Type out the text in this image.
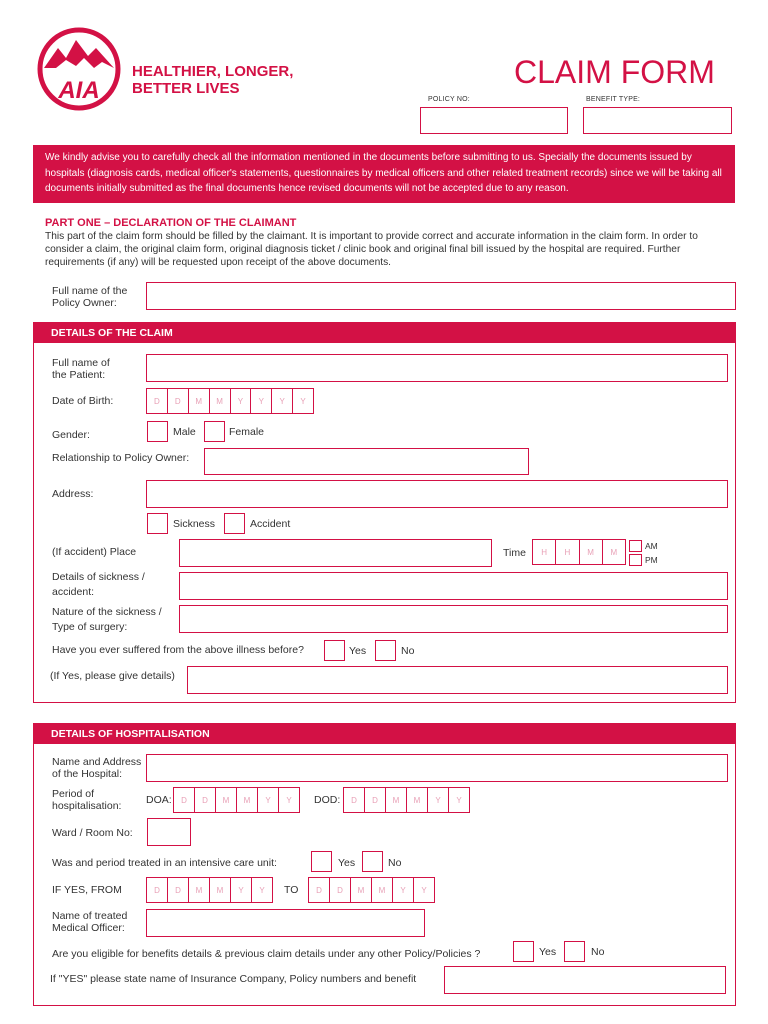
AIA
HEALTHIER, LONGER,
BETTER LIVES	CLAIM FORM
POLICY NO:	BENEFIT TYPE:
We kindly advise you to carefully check all the information mentioned in the documents before submitting to us. Specially the documents issued by hospitals (diagnosis cards, medical officer's statements, questionnaires by medical officers and other related treatment records) since we will be taking all documents initially submitted as the final documents hence revised documents will not be accepted due to any reason.
PART ONE – DECLARATION OF THE CLAIMANT
This part of the claim form should be filled by the claimant. It is important to provide correct and accurate information in the claim form. In order to consider a claim, the original claim form, original diagnosis ticket / clinic book and original final bill issued by the hospital are required. Further requirements (if any) will be requested upon receipt of the above documents.
Full name of the
Policy Owner:
DETAILS OF THE CLAIM
Full name of
the Patient:
Date of Birth:	D	D	M	M	Y	Y	Y	Y
Gender:	Male	Female
Relationship to Policy Owner:
Address:
Sickness	Accident
(If accident) Place	Time	H	H	M	M
AM
PM
Details of sickness /
accident:
Nature of the sickness /
Type of surgery:
Have you ever suffered from the above illness before?	Yes	No
(If Yes, please give details)
DETAILS OF HOSPITALISATION
Name and Address
of the Hospital:
Period of
hospitalisation: DOA:	D	D	M	M	Y	Y	DOD:	D	D	M	M	Y	Y
Ward / Room No:
Was and period treated in an intensive care unit:	Yes	No
IF YES, FROM	D	D	M	M	Y	Y	TO	D	D	M	M	Y	Y
Name of treated
Medical Officer:
Are you eligible for benefits details & previous claim details under any other Policy/Policies ?	Yes	No
If "YES" please state name of Insurance Company, Policy numbers and benefit
